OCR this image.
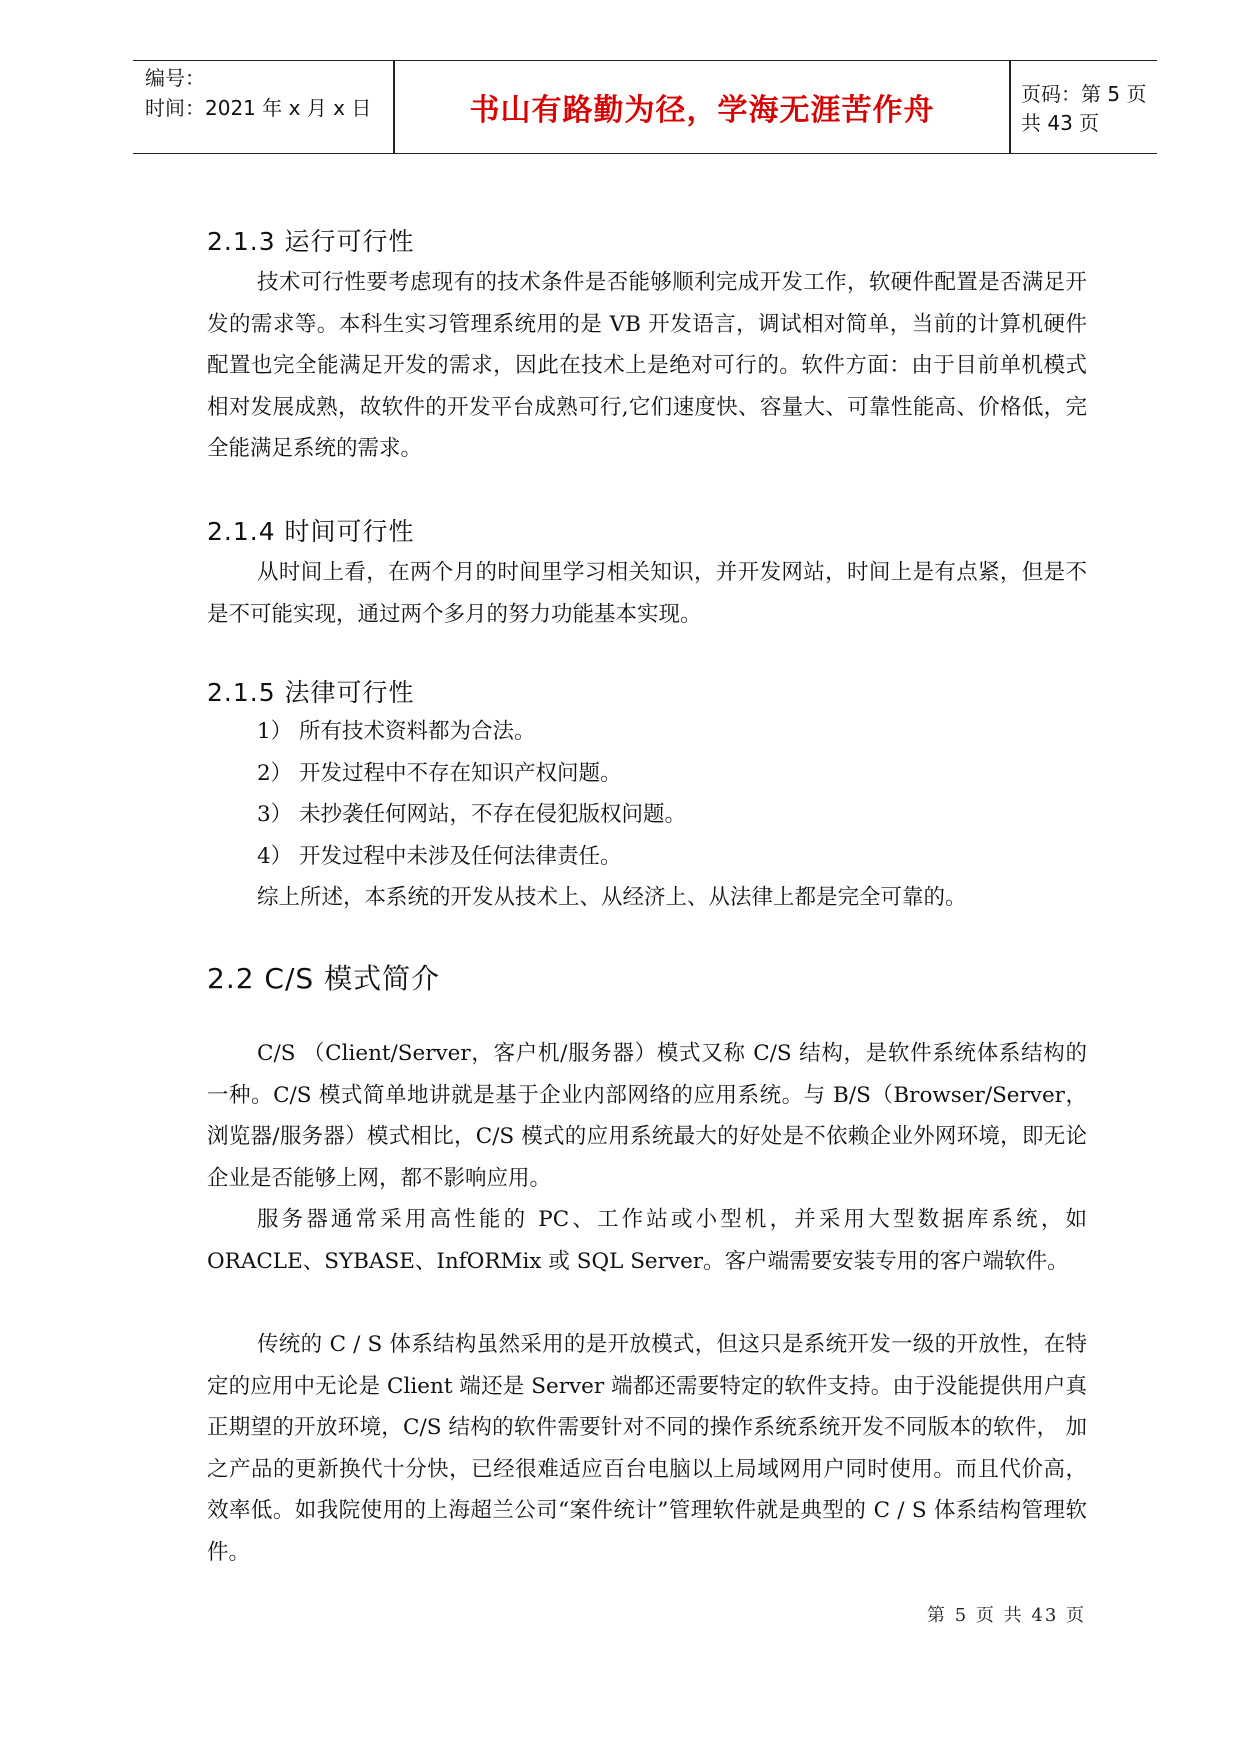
编号：
时间：2021 年 x 月 x 日	书山有路勤为径，学海无涯苦作舟	页码：第 5 页 共 43 页
2.1.3 运行可行性

技术可行性要考虑现有的技术条件是否能够顺利完成开发工作，软硬件配置是否满足开发的需求等。本科生实习管理系统用的是 VB 开发语言，调试相对简单，当前的计算机硬件配置也完全能满足开发的需求，因此在技术上是绝对可行的。软件方面：由于目前单机模式相对发展成熟，故软件的开发平台成熟可行,它们速度快、容量大、可靠性能高、价格低，完全能满足系统的需求。

2.1.4 时间可行性

从时间上看，在两个月的时间里学习相关知识，并开发网站，时间上是有点紧，但是不是不可能实现，通过两个多月的努力功能基本实现。

2.1.5 法律可行性
1） 所有技术资料都为合法。
2） 开发过程中不存在知识产权问题。
3） 未抄袭任何网站，不存在侵犯版权问题。
4） 开发过程中未涉及任何法律责任。

综上所述，本系统的开发从技术上、从经济上、从法律上都是完全可靠的。

2.2 C/S 模式简介

C/S （Client/Server，客户机/服务器）模式又称 C/S 结构，是软件系统体系结构的一种。C/S 模式简单地讲就是基于企业内部网络的应用系统。与 B/S（Browser/Server，浏览器/服务器）模式相比，C/S 模式的应用系统最大的好处是不依赖企业外网环境，即无论企业是否能够上网，都不影响应用。

服务器通常采用高性能的 PC、工作站或小型机，并采用大型数据库系统，如 ORACLE、SYBASE、InfORMix 或 SQL Server。客户端需要安装专用的客户端软件。

传统的 C / S 体系结构虽然采用的是开放模式，但这只是系统开发一级的开放性，在特定的应用中无论是 Client 端还是 Server 端都还需要特定的软件支持。由于没能提供用户真正期望的开放环境，C/S 结构的软件需要针对不同的操作系统系统开发不同版本的软件， 加之产品的更新换代十分快，已经很难适应百台电脑以上局域网用户同时使用。而且代价高， 效率低。如我院使用的上海超兰公司“案件统计”管理软件就是典型的 C / S 体系结构管理软件。

第 5 页 共 43 页
